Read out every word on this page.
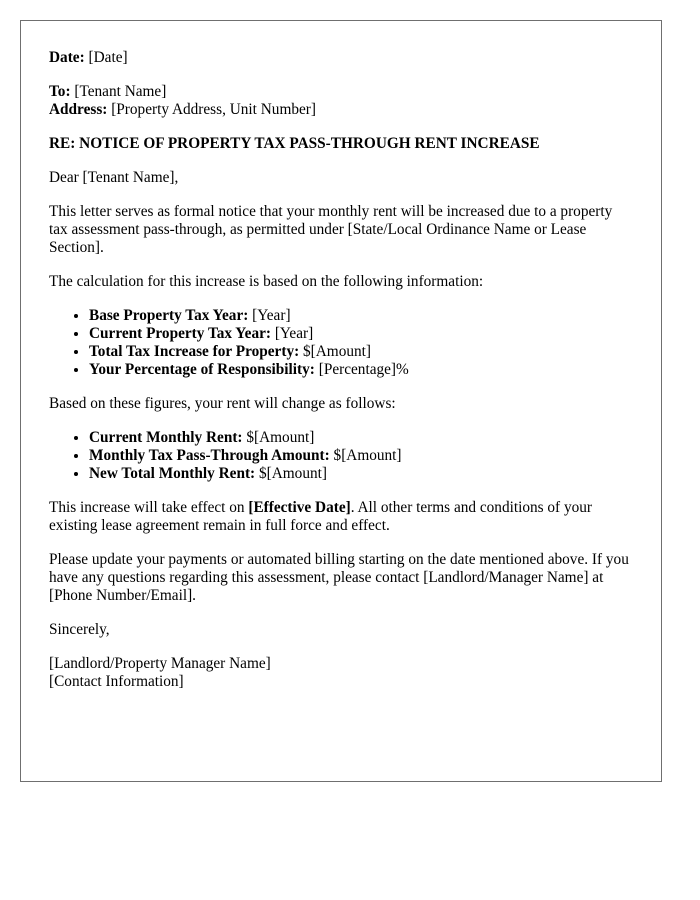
Date: [Date]

To: [Tenant Name]

Address: [Property Address, Unit Number]

RE: NOTICE OF PROPERTY TAX PASS-THROUGH RENT INCREASE

Dear [Tenant Name],

This letter serves as formal notice that your monthly rent will be increased due to a property tax assessment pass-through, as permitted under [State/Local Ordinance Name or Lease Section].

The calculation for this increase is based on the following information:

• Base Property Tax Year: [Year]
• Current Property Tax Year: [Year]
• Total Tax Increase for Property: $[Amount]
• Your Percentage of Responsibility: [Percentage]%

Based on these figures, your rent will change as follows:

• Current Monthly Rent: $[Amount]
• Monthly Tax Pass-Through Amount: $[Amount]
• New Total Monthly Rent: $[Amount]

This increase will take effect on [Effective Date]. All other terms and conditions of your existing lease agreement remain in full force and effect.

Please update your payments or automated billing starting on the date mentioned above. If you have any questions regarding this assessment, please contact [Landlord/Manager Name] at [Phone Number/Email].

Sincerely,

[Landlord/Property Manager Name]

[Contact Information]
